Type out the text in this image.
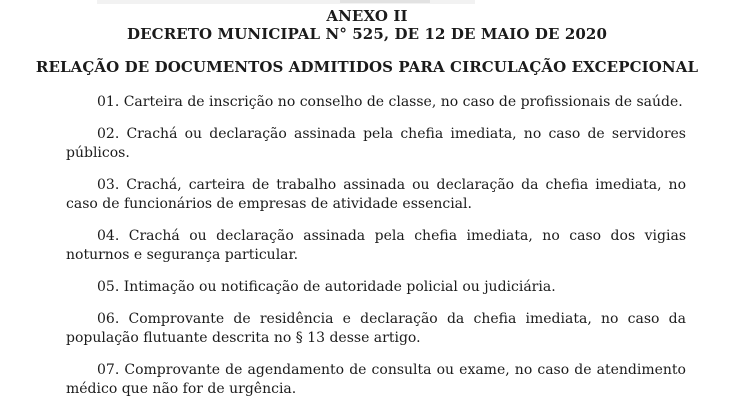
ANEXO II
DECRETO MUNICIPAL N° 525, DE 12 DE MAIO DE 2020
RELAÇÃO DE DOCUMENTOS ADMITIDOS PARA CIRCULAÇÃO EXCEPCIONAL

01. Carteira de inscrição no conselho de classe, no caso de profissionais de saúde.

02. Crachá ou declaração assinada pela chefia imediata, no caso de servidores públicos.

03. Crachá, carteira de trabalho assinada ou declaração da chefia imediata, no caso de funcionários de empresas de atividade essencial.

04. Crachá ou declaração assinada pela chefia imediata, no caso dos vigias noturnos e segurança particular.

05. Intimação ou notificação de autoridade policial ou judiciária.

06. Comprovante de residência e declaração da chefia imediata, no caso da população flutuante descrita no § 13 desse artigo.

07. Comprovante de agendamento de consulta ou exame, no caso de atendimento médico que não for de urgência.
